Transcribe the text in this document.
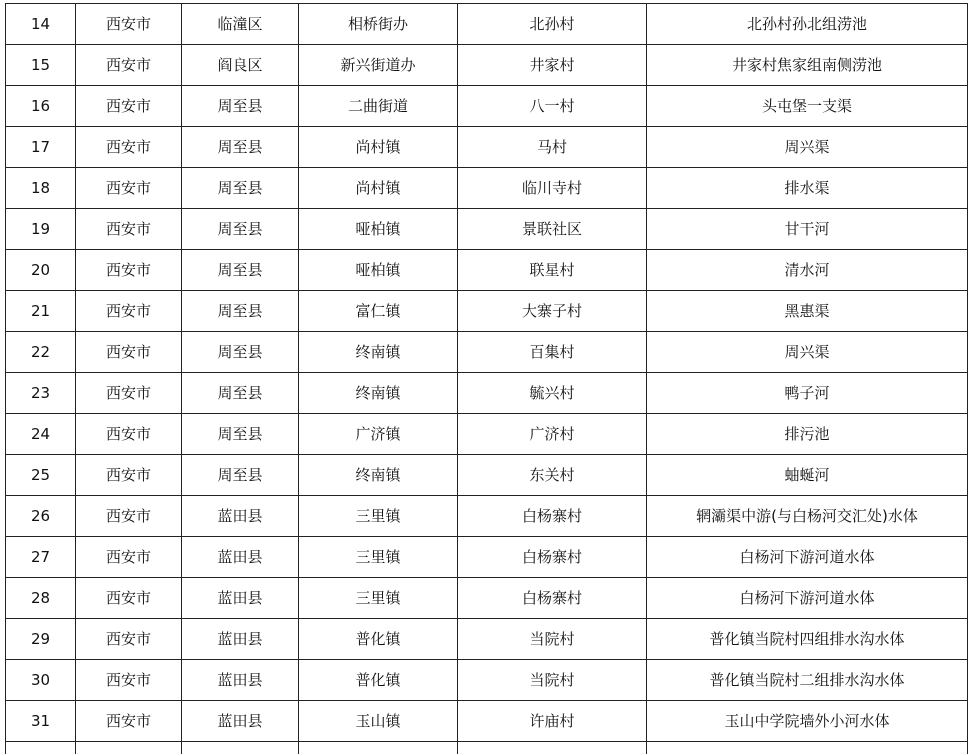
14	西安市	临潼区	相桥街办	北孙村	北孙村孙北组涝池
15	西安市	阎良区	新兴街道办	井家村	井家村焦家组南侧涝池
16	西安市	周至县	二曲街道	八一村	头屯堡一支渠
17	西安市	周至县	尚村镇	马村	周兴渠
18	西安市	周至县	尚村镇	临川寺村	排水渠
19	西安市	周至县	哑柏镇	景联社区	甘干河
20	西安市	周至县	哑柏镇	联星村	清水河
21	西安市	周至县	富仁镇	大寨子村	黑惠渠
22	西安市	周至县	终南镇	百集村	周兴渠
23	西安市	周至县	终南镇	毓兴村	鸭子河
24	西安市	周至县	广济镇	广济村	排污池
25	西安市	周至县	终南镇	东关村	蚰蜒河
26	西安市	蓝田县	三里镇	白杨寨村	辋灞渠中游(与白杨河交汇处)水体
27	西安市	蓝田县	三里镇	白杨寨村	白杨河下游河道水体
28	西安市	蓝田县	三里镇	白杨寨村	白杨河下游河道水体
29	西安市	蓝田县	普化镇	当院村	普化镇当院村四组排水沟水体
30	西安市	蓝田县	普化镇	当院村	普化镇当院村二组排水沟水体
31	西安市	蓝田县	玉山镇	许庙村	玉山中学院墙外小河水体
